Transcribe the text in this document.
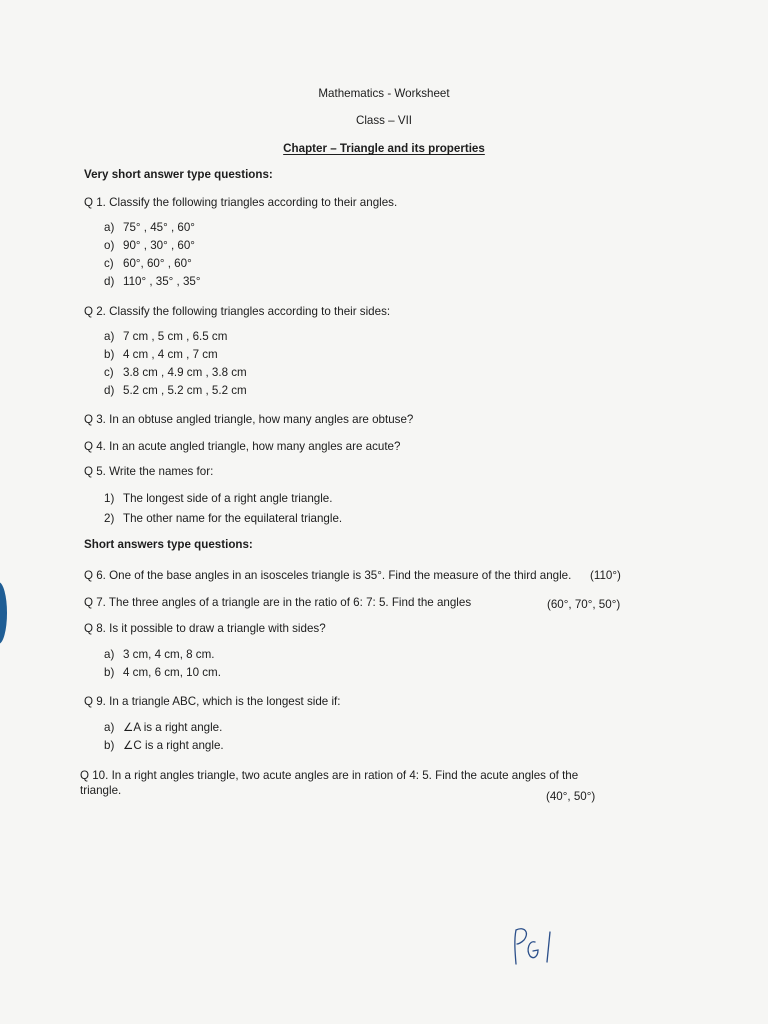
Mathematics - Worksheet
Class – VII
Chapter – Triangle and its properties
Very short answer type questions:
Q 1. Classify the following triangles according to their angles.
a) 75° , 45° , 60°
o) 90° , 30° , 60°
c) 60°, 60° , 60°
d) 110° , 35° , 35°
Q 2. Classify the following triangles according to their sides:
a) 7 cm , 5 cm , 6.5 cm
b) 4 cm , 4 cm , 7 cm
c) 3.8 cm , 4.9 cm , 3.8 cm
d) 5.2 cm , 5.2 cm , 5.2 cm
Q 3. In an obtuse angled triangle, how many angles are obtuse?
Q 4. In an acute angled triangle, how many angles are acute?
Q 5. Write the names for:
1) The longest side of a right angle triangle.
2) The other name for the equilateral triangle.
Short answers type questions:
Q 6. One of the base angles in an isosceles triangle is 35°. Find the measure of the third angle. (110°)
Q 7. The three angles of a triangle are in the ratio of 6: 7: 5. Find the angles	(60°, 70°, 50°)
Q 8. Is it possible to draw a triangle with sides?
a) 3 cm, 4 cm, 8 cm.
b) 4 cm, 6 cm, 10 cm.
Q 9. In a triangle ABC, which is the longest side if:
a) ∠A is a right angle.
b) ∠C is a right angle.
Q 10. In a right angles triangle, two acute angles are in ration of 4: 5. Find the acute angles of the
triangle.	(40°, 50°)
